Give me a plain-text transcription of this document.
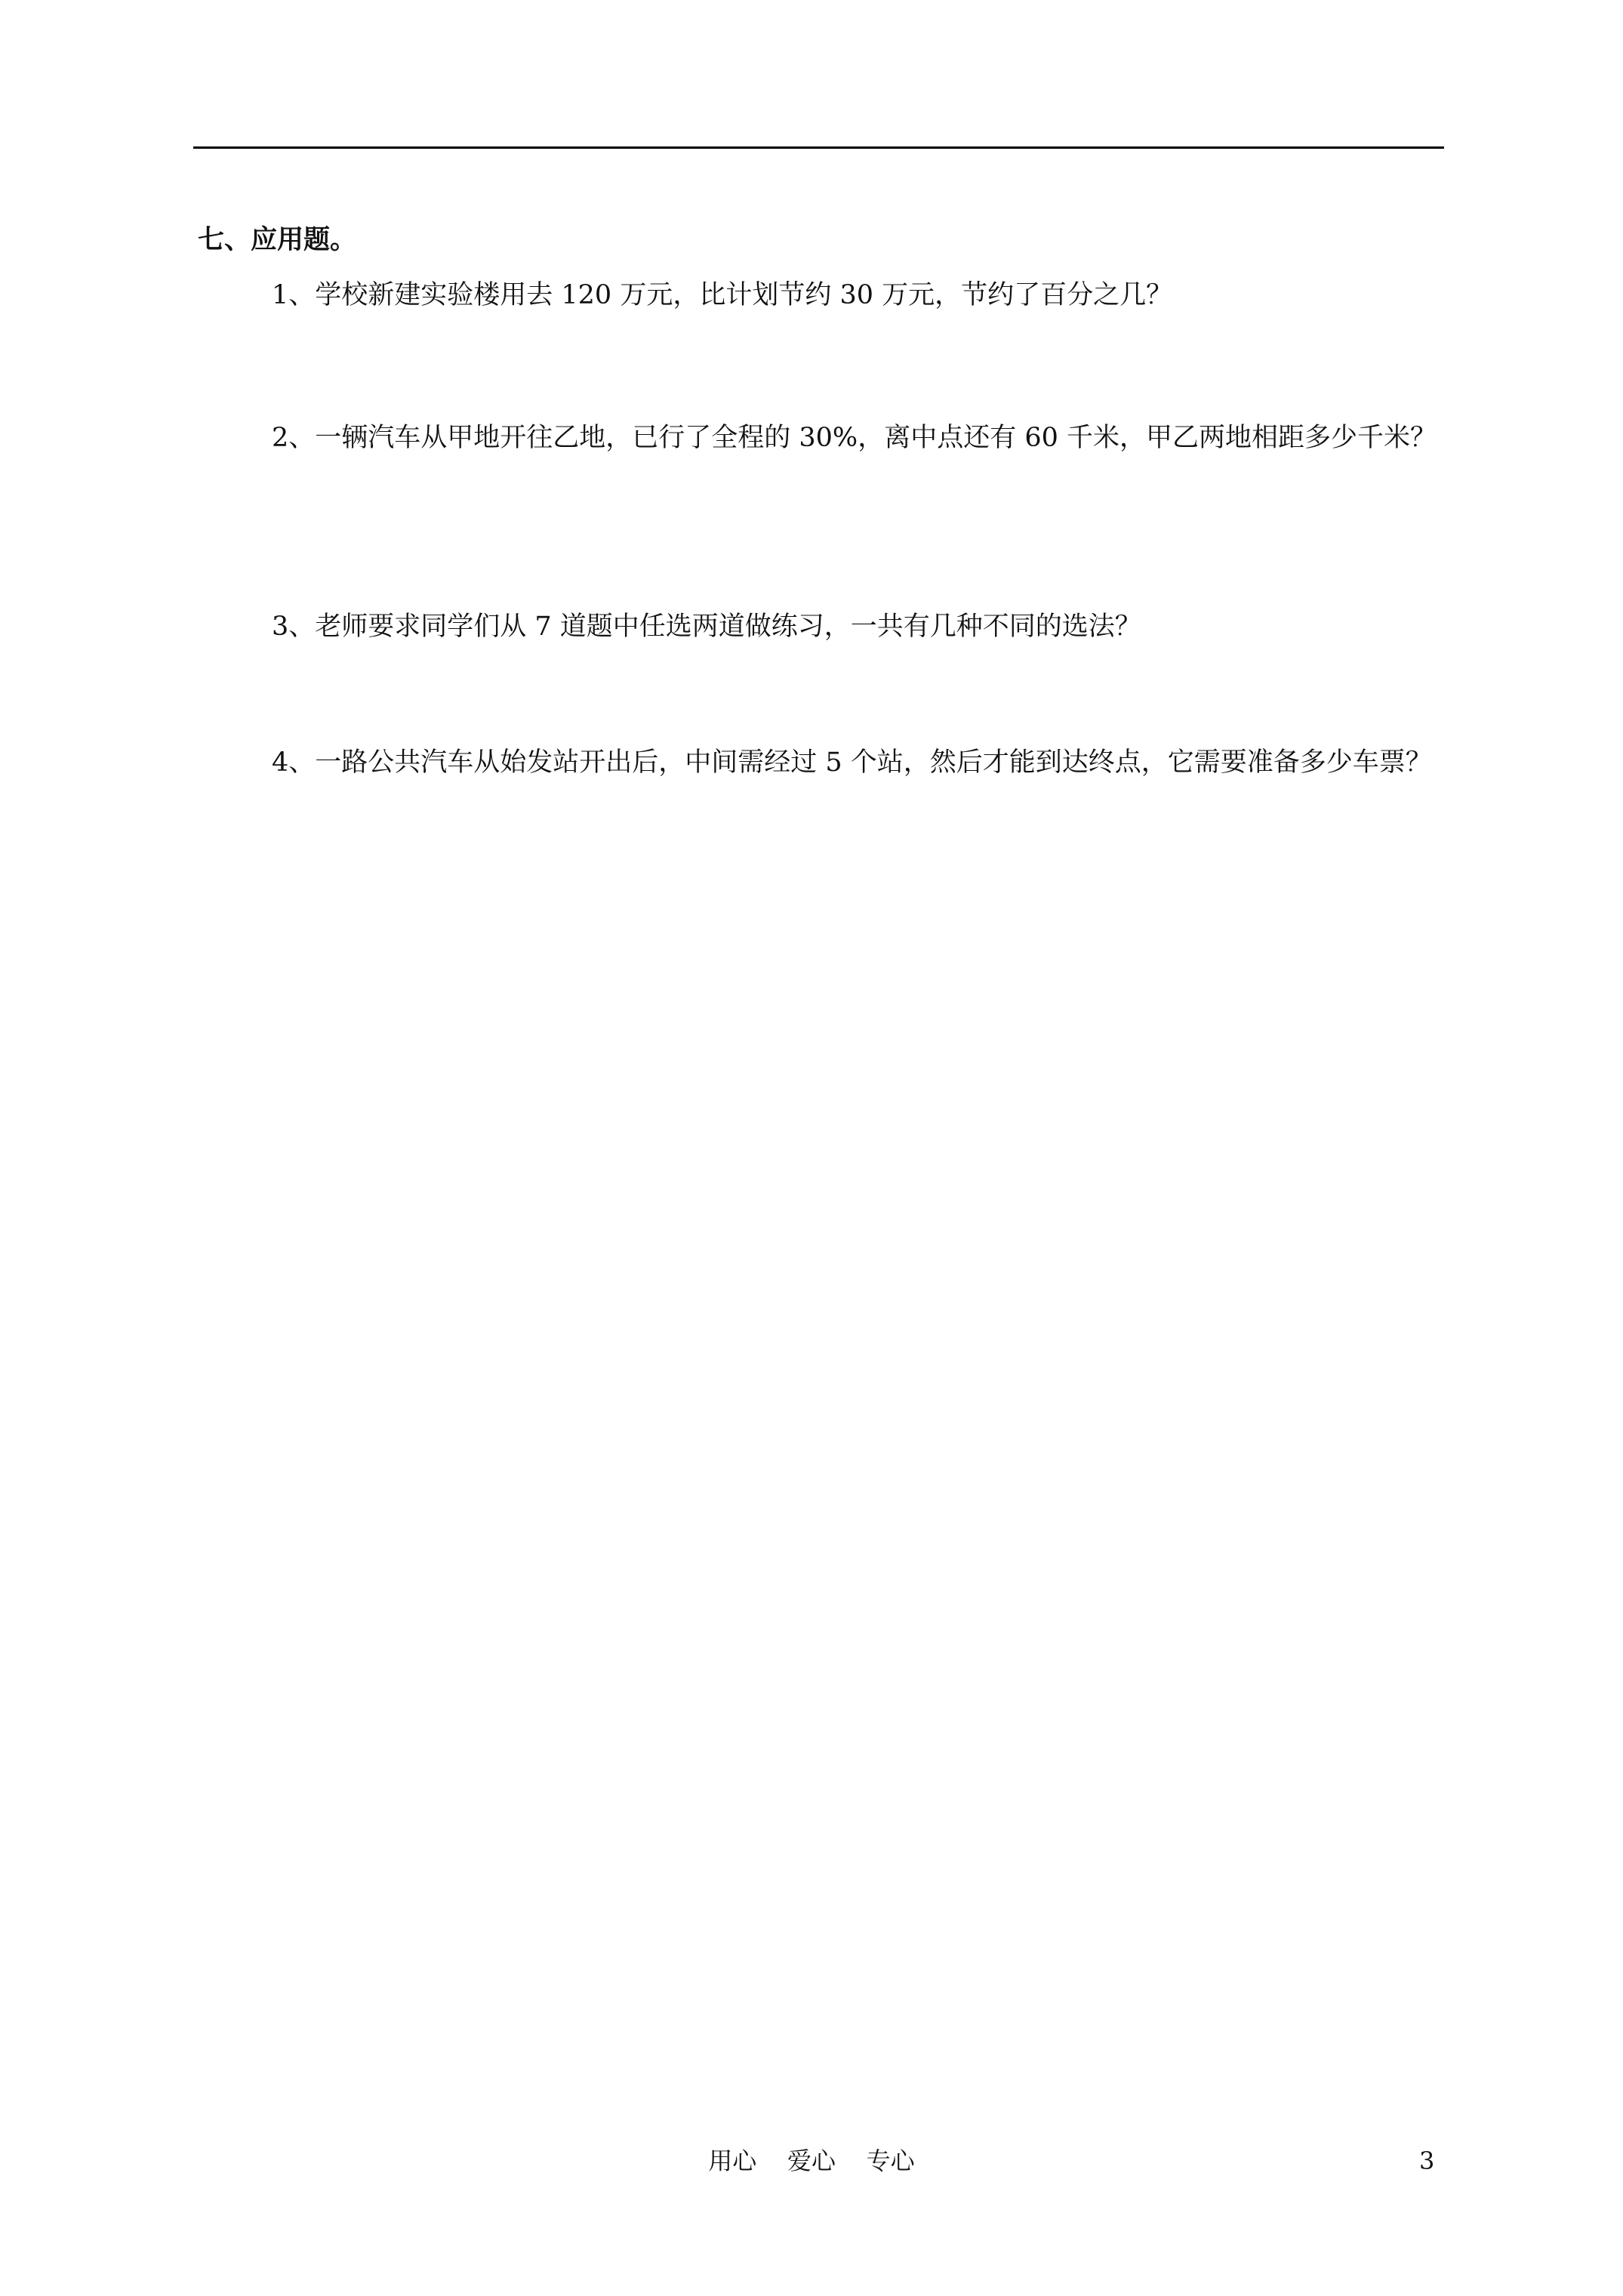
七、应用题。

1、学校新建实验楼用去 120 万元，比计划节约 30 万元，节约了百分之几？

2、一辆汽车从甲地开往乙地，已行了全程的 30%，离中点还有 60 千米，甲乙两地相距多少千米？

3、老师要求同学们从 7 道题中任选两道做练习，一共有几种不同的选法？

4、一路公共汽车从始发站开出后，中间需经过 5 个站，然后才能到达终点，它需要准备多少车票？

用心    爱心    专心	3
